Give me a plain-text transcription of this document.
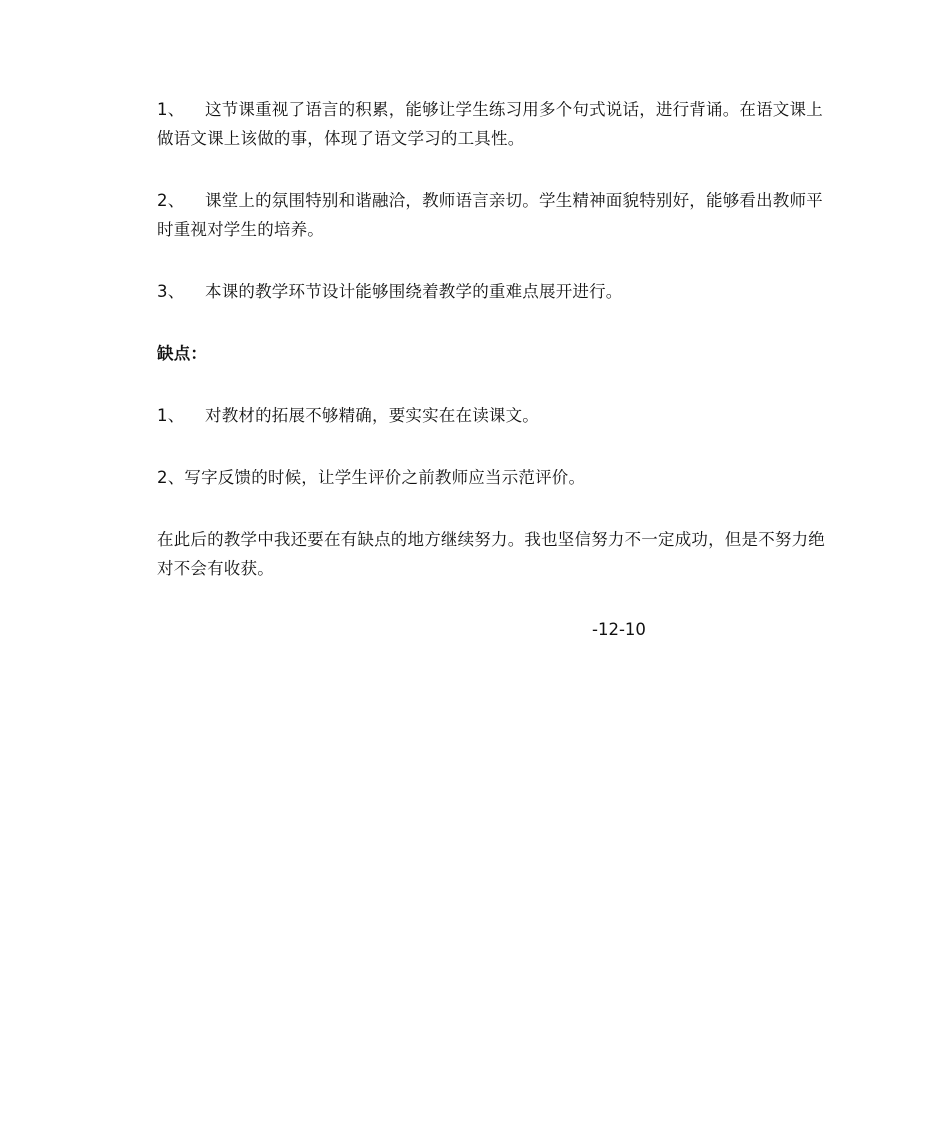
1、 这节课重视了语言的积累，能够让学生练习用多个句式说话，进行背诵。在语文课上做语文课上该做的事，体现了语文学习的工具性。

2、 课堂上的氛围特别和谐融洽，教师语言亲切。学生精神面貌特别好，能够看出教师平时重视对学生的培养。

3、 本课的教学环节设计能够围绕着教学的重难点展开进行。

缺点：

1、 对教材的拓展不够精确，要实实在在读课文。

2、写字反馈的时候，让学生评价之前教师应当示范评价。

在此后的教学中我还要在有缺点的地方继续努力。我也坚信努力不一定成功，但是不努力绝对不会有收获。

-12-10
